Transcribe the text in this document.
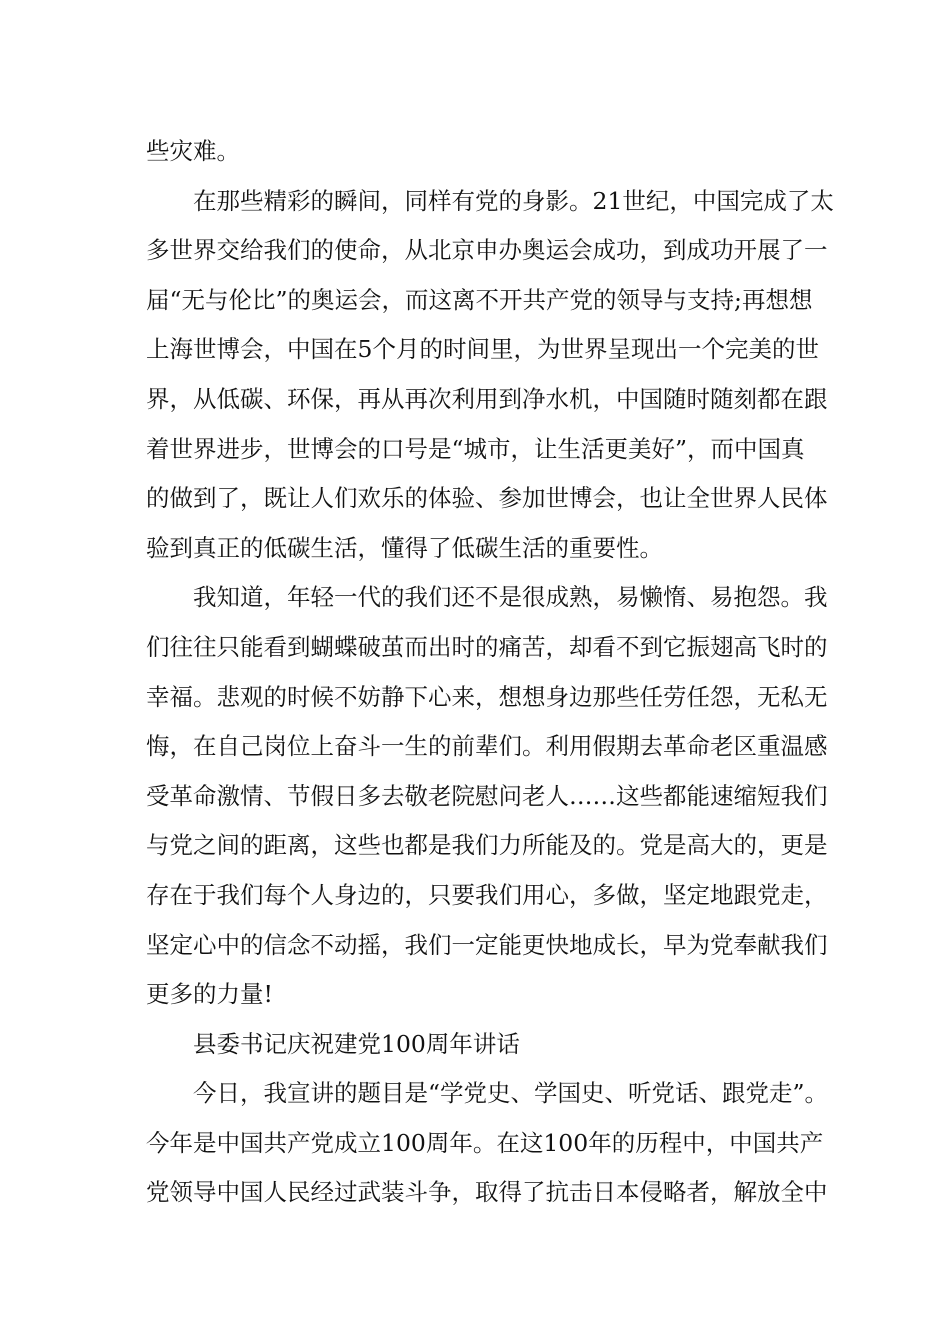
些灾难。
在那些精彩的瞬间，同样有党的身影。21世纪，中国完成了太
多世界交给我们的使命，从北京申办奥运会成功，到成功开展了一
届“无与伦比”的奥运会，而这离不开共产党的领导与支持;再想想
上海世博会，中国在5个月的时间里，为世界呈现出一个完美的世
界，从低碳、环保，再从再次利用到净水机，中国随时随刻都在跟
着世界进步，世博会的口号是“城市，让生活更美好”，而中国真
的做到了，既让人们欢乐的体验、参加世博会，也让全世界人民体
验到真正的低碳生活，懂得了低碳生活的重要性。
我知道，年轻一代的我们还不是很成熟，易懒惰、易抱怨。我
们往往只能看到蝴蝶破茧而出时的痛苦，却看不到它振翅高飞时的
幸福。悲观的时候不妨静下心来，想想身边那些任劳任怨，无私无
悔，在自己岗位上奋斗一生的前辈们。利用假期去革命老区重温感
受革命激情、节假日多去敬老院慰问老人……这些都能速缩短我们
与党之间的距离，这些也都是我们力所能及的。党是高大的，更是
存在于我们每个人身边的，只要我们用心，多做，坚定地跟党走，
坚定心中的信念不动摇，我们一定能更快地成长，早为党奉献我们
更多的力量!
县委书记庆祝建党100周年讲话
今日，我宣讲的题目是“学党史、学国史、听党话、跟党走”。
今年是中国共产党成立100周年。在这100年的历程中，中国共产
党领导中国人民经过武装斗争，取得了抗击日本侵略者，解放全中
